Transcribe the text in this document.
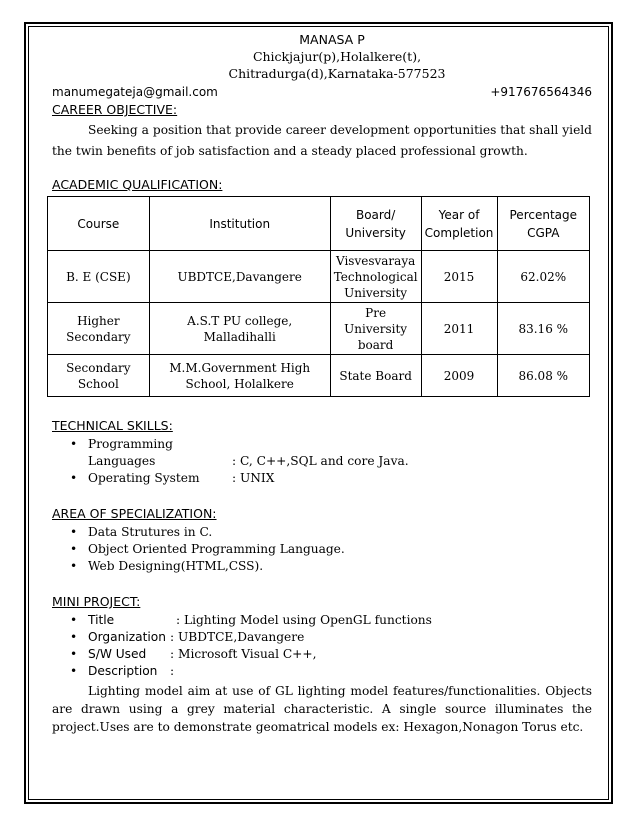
MANASA P
Chickjajur(p),Holalkere(t),
Chitradurga(d),Karnataka-577523
manumegateja@gmail.com	+917676564346
CAREER OBJECTIVE:

Seeking a position that provide career development opportunities that shall yield the twin benefits of job satisfaction and a steady placed professional growth.

ACADEMIC QUALIFICATION:
Course	Institution	Board/ University	Year of Completion	Percentage CGPA
B. E (CSE)	UBDTCE,Davangere	Visvesvaraya Technological University	2015	62.02%
Higher Secondary	A.S.T PU college, Malladihalli	Pre University board	2011	83.16 %
Secondary School	M.M.Government High School, Holalkere	State Board	2009	86.08 %
TECHNICAL SKILLS:
• Programming Languages	: C, C++,SQL and core Java.
• Operating System	: UNIX
AREA OF SPECIALIZATION:
• Data Strutures in C.
• Object Oriented Programming Language.
• Web Designing(HTML,CSS).
MINI PROJECT:
• Title	: Lighting Model using OpenGL functions
• Organization : UBDTCE,Davangere
• S/W Used : Microsoft Visual C++,
• Description :

Lighting model aim at use of GL lighting model features/functionalities. Objects are drawn using a grey material characteristic. A single source illuminates the project.Uses are to demonstrate geomatrical models ex: Hexagon,Nonagon Torus etc.
